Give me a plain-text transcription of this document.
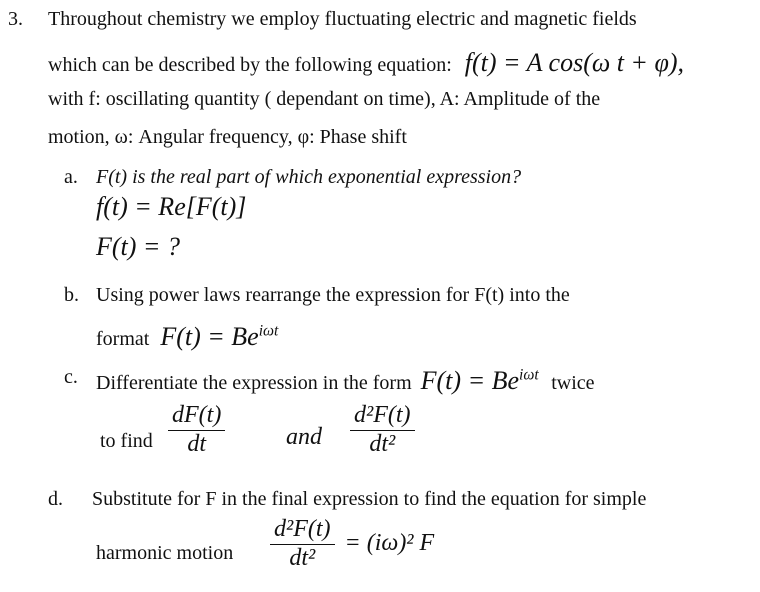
3. Throughout chemistry we employ fluctuating electric and magnetic fields
which can be described by the following equation: f(t) = A cos(ω t + φ),
with f: oscillating quantity ( dependant on time), A: Amplitude of the
motion, ω: Angular frequency, φ: Phase shift
a. F(t) is the real part of which exponential expression?
f(t) = Re[F(t)]
F(t) = ?
b. Using power laws rearrange the expression for F(t) into the
format $F(t) = Be^{i\omega t}$
c. Differentiate the expression in the form $F(t) = Be^{i\omega t}$ twice
to find $\frac{dF(t)}{dt}$	and $\frac{\text{d²F(t)}}{\text{dt²}}$
d. Substitute for F in the final expression to find the equation for simple
harmonic motion $\frac{\text{d²F(t)}}{\text{dt²}} = (i\omega)^2$ F
